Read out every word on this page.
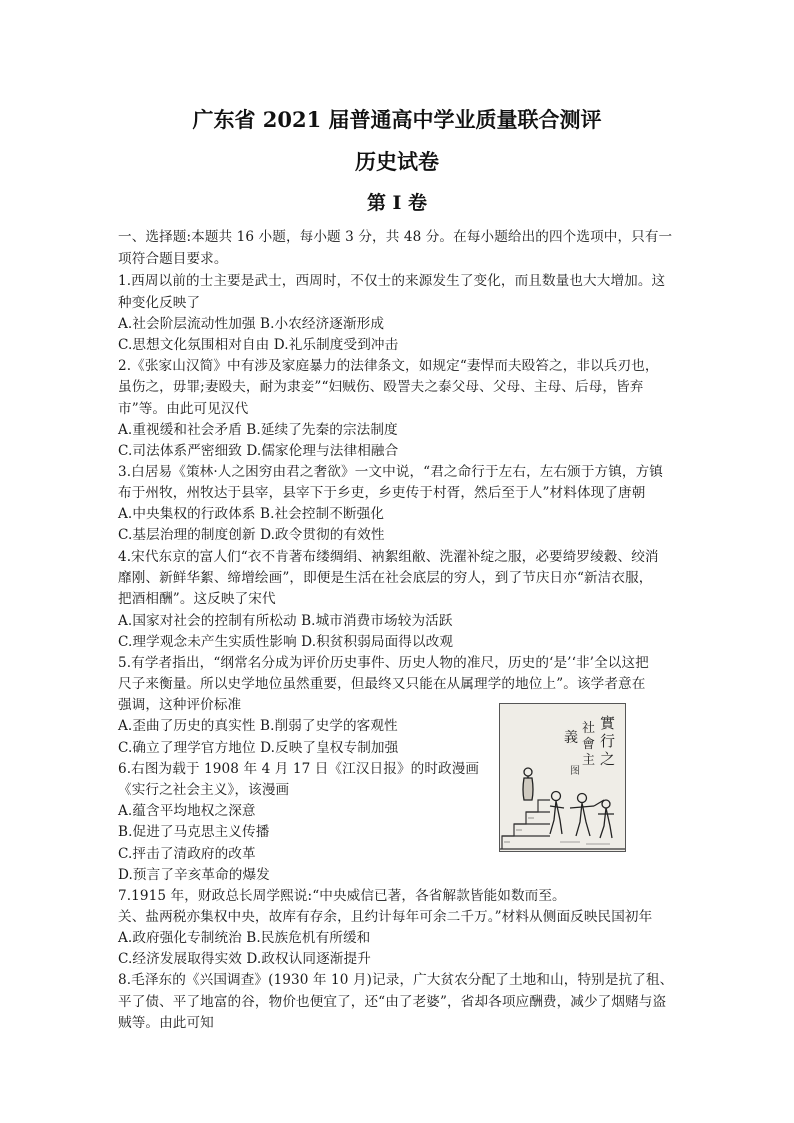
广东省 2021 届普通高中学业质量联合测评
历史试卷
第 I 卷
一、选择题:本题共 16 小题，每小题 3 分，共 48 分。在每小题给出的四个选项中，只有一
项符合题目要求。
1.西周以前的士主要是武士，西周时，不仅士的来源发生了变化，而且数量也大大增加。这
种变化反映了
A.社会阶层流动性加强 B.小农经济逐渐形成
C.思想文化氛围相对自由 D.礼乐制度受到冲击
2.《张家山汉简》中有涉及家庭暴力的法律条文，如规定“妻悍而夫殴笞之，非以兵刃也，
虽伤之，毋罪;妻殴夫，耐为隶妾”“妇贼伤、殴詈夫之泰父母、父母、主母、后母，皆弃
市”等。由此可见汉代
A.重视缓和社会矛盾 B.延续了先秦的宗法制度
C.司法体系严密细致 D.儒家伦理与法律相融合
3.白居易《策林·人之困穷由君之奢欲》一文中说，“君之命行于左右，左右颁于方镇，方镇
布于州牧，州牧达于县宰，县宰下于乡吏，乡吏传于村胥，然后至于人”材料体现了唐朝
A.中央集权的行政体系 B.社会控制不断强化
C.基层治理的制度创新 D.政令贯彻的有效性
4.宋代东京的富人们“衣不肯著布缕绸绢、衲絮组敝、洗濯补绽之服，必要绮罗绫縠、绞消
靡刚、新鲜华絮、缔增绘画”，即便是生活在社会底层的穷人，到了节庆日亦“新洁衣服，
把酒相酬”。这反映了宋代
A.国家对社会的控制有所松动 B.城市消费市场较为活跃
C.理学观念未产生实质性影响 D.积贫积弱局面得以改观
5.有学者指出，“纲常名分成为评价历史事件、历史人物的准尺，历史的‘是’‘非’全以这把
尺子来衡量。所以史学地位虽然重要，但最终又只能在从属理学的地位上”。该学者意在
强调，这种评价标准
A.歪曲了历史的真实性 B.削弱了史学的客观性
C.确立了理学官方地位 D.反映了皇权专制加强
6.右图为载于 1908 年 4 月 17 日《江汉日报》的时政漫画
《实行之社会主义》，该漫画
A.蕴含平均地权之深意
B.促进了马克思主义传播
C.抨击了清政府的改革
D.预言了辛亥革命的爆发
7.1915 年，财政总长周学熙说:“中央威信已著，各省解款皆能如数而至。
关、盐两税亦集权中央，故库有存余，且约计每年可余二千万。”材料从侧面反映民国初年
A.政府强化专制统治 B.民族危机有所缓和
C.经济发展取得实效 D.政权认同逐渐提升
8.毛泽东的《兴国调查》(1930 年 10 月)记录，广大贫农分配了土地和山，特别是抗了租、
平了债、平了地富的谷，物价也便宜了，还“由了老婆”，省却各项应酬费，减少了烟赌与盗
贼等。由此可知
實
行
之
社
會
主
義
图
